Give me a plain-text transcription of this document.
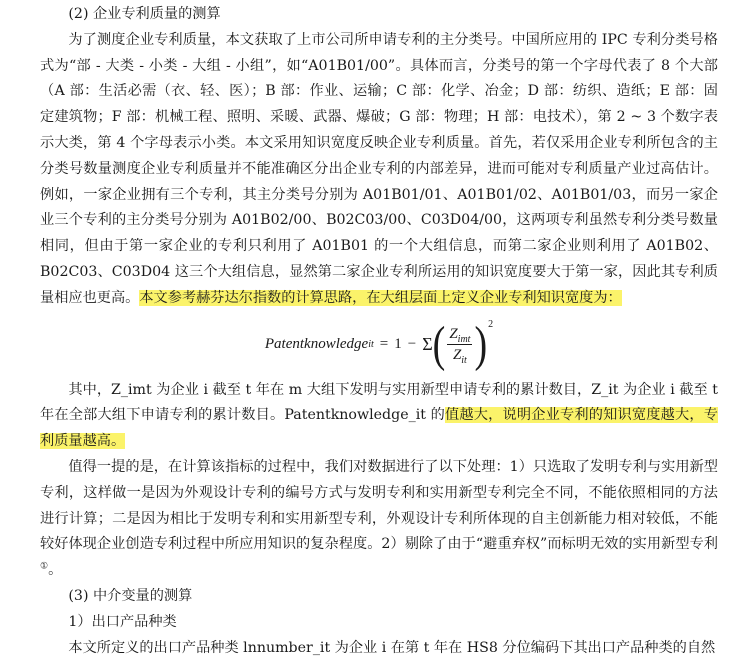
(2) 企业专利质量的测算

为了测度企业专利质量，本文获取了上市公司所申请专利的主分类号。中国所应用的 IPC 专利分类号格式为“部 - 大类 - 小类 - 大组 - 小组”，如“A01B01/00”。具体而言，分类号的第一个字母代表了 8 个大部（A 部：生活必需（衣、轻、医）；B 部：作业、运输；C 部：化学、冶金；D 部：纺织、造纸；E 部：固定建筑物；F 部：机械工程、照明、采暖、武器、爆破；G 部：物理；H 部：电技术），第 2 ~ 3 个数字表示大类，第 4 个字母表示小类。本文采用知识宽度反映企业专利质量。首先，若仅采用企业专利所包含的主分类号数量测度企业专利质量并不能准确区分出企业专利的内部差异，进而可能对专利质量产业过高估计。例如，一家企业拥有三个专利，其主分类号分别为 A01B01/01、A01B01/02、A01B01/03，而另一家企业三个专利的主分类号分别为 A01B02/00、B02C03/00、C03D04/00，这两项专利虽然专利分类号数量相同，但由于第一家企业的专利只利用了 A01B01 的一个大组信息，而第二家企业则利用了 A01B02、B02C03、C03D04 这三个大组信息，显然第二家企业专利所运用的知识宽度要大于第一家，因此其专利质量相应也更高。本文参考赫芬达尔指数的计算思路，在大组层面上定义企业专利知识宽度为：

Patentknowledge it = 1 − Σ ( $\frac{Z_{imt}}{Z_{it}}$ ) 2

其中，Z_imt 为企业 i 截至 t 年在 m 大组下发明与实用新型申请专利的累计数目，Z_it 为企业 i 截至 t 年在全部大组下申请专利的累计数目。Patentknowledge_it 的值越大，说明企业专利的知识宽度越大，专利质量越高。

值得一提的是，在计算该指标的过程中，我们对数据进行了以下处理：1）只选取了发明专利与实用新型专利，这样做一是因为外观设计专利的编号方式与发明专利和实用新型专利完全不同，不能依照相同的方法进行计算；二是因为相比于发明专利和实用新型专利，外观设计专利所体现的自主创新能力相对较低，不能较好体现企业创造专利过程中所应用知识的复杂程度。2）剔除了由于“避重弃权”而标明无效的实用新型专利①。

(3) 中介变量的测算

1）出口产品种类

本文所定义的出口产品种类 lnnumber_it 为企业 i 在第 t 年在 HS8 分位编码下其出口产品种类的自然
